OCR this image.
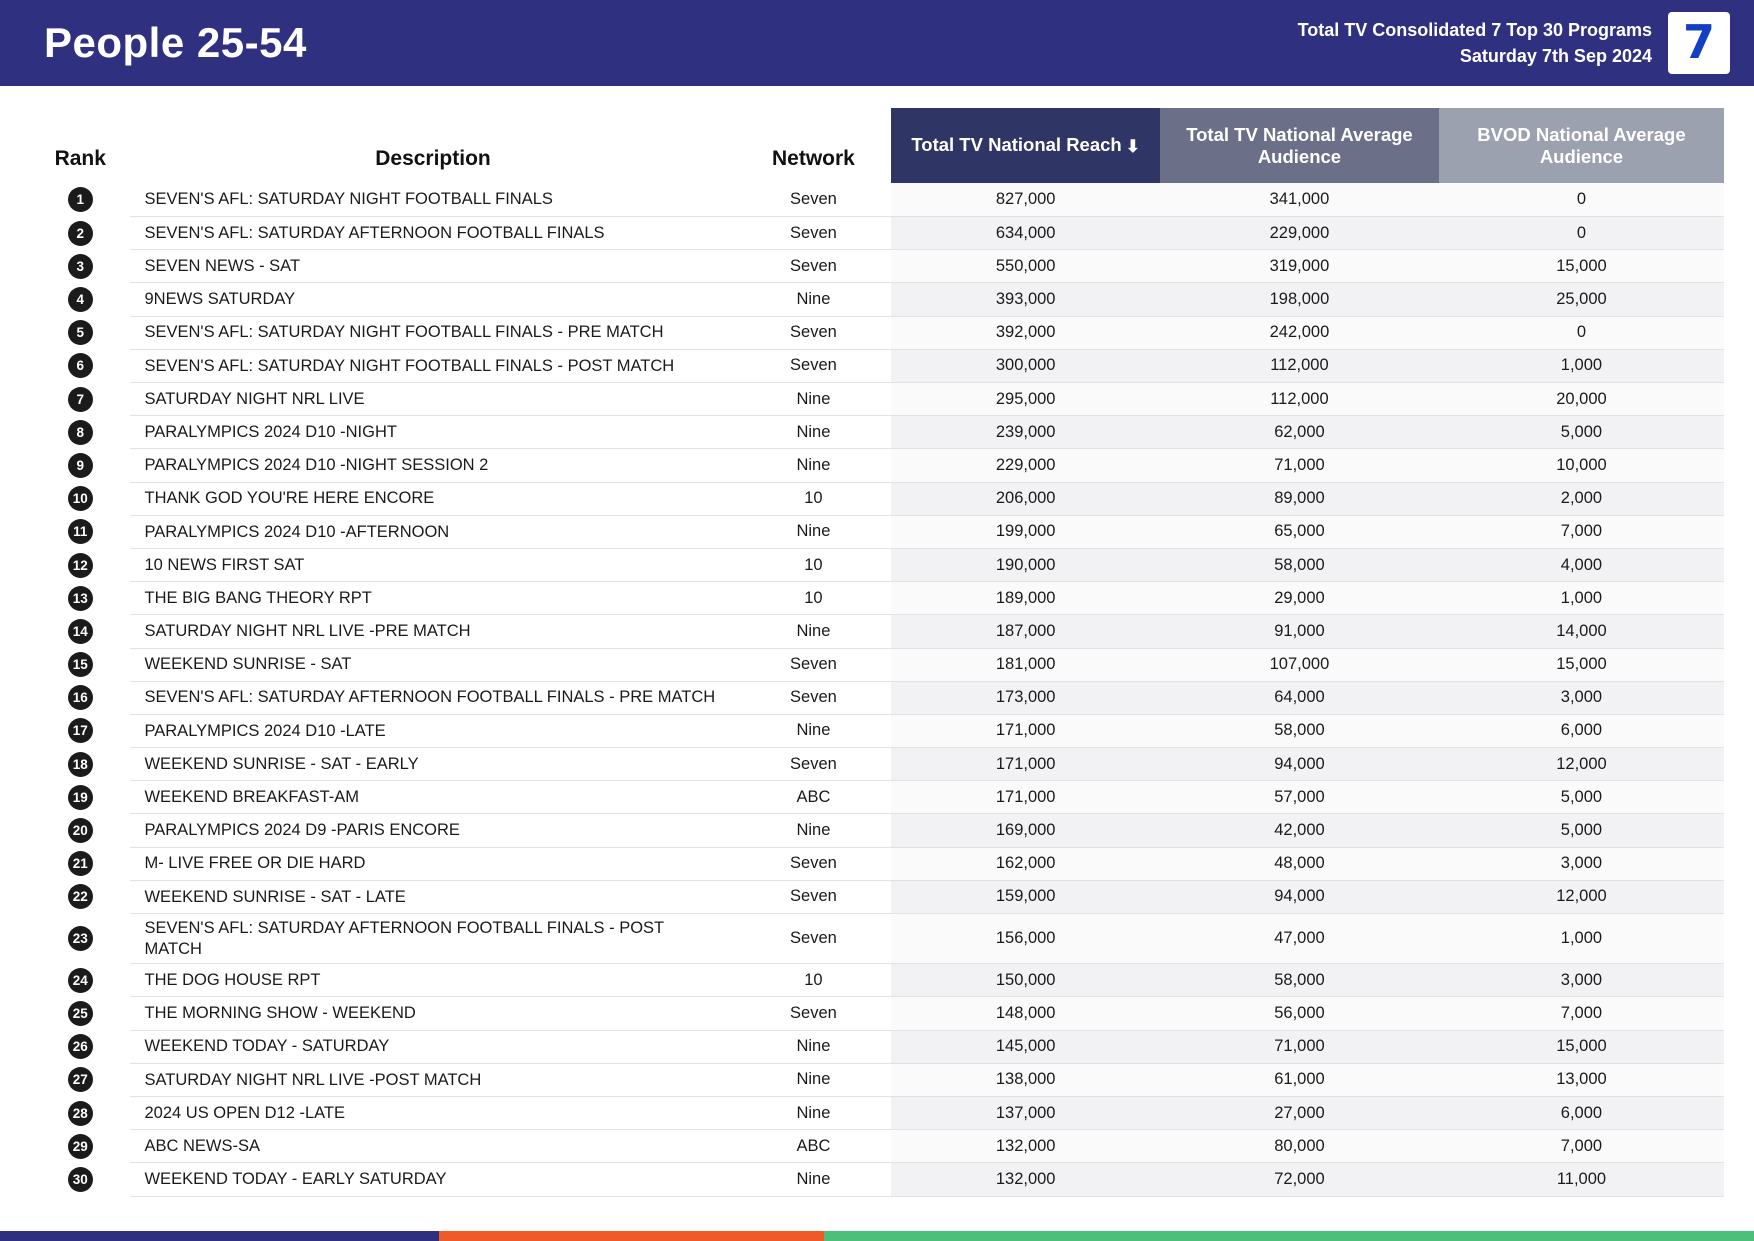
People 25-54	Total TV Consolidated 7 Top 30 Programs
Saturday 7th Sep 2024 7
Rank	Description	Network	Total TV National Reach ⬇	Total TV National Average Audience	BVOD National Average Audience
1	SEVEN'S AFL: SATURDAY NIGHT FOOTBALL FINALS	Seven	827,000	341,000	0
2	SEVEN'S AFL: SATURDAY AFTERNOON FOOTBALL FINALS	Seven	634,000	229,000	0
3	SEVEN NEWS - SAT	Seven	550,000	319,000	15,000
4	9NEWS SATURDAY	Nine	393,000	198,000	25,000
5	SEVEN'S AFL: SATURDAY NIGHT FOOTBALL FINALS - PRE MATCH	Seven	392,000	242,000	0
6	SEVEN'S AFL: SATURDAY NIGHT FOOTBALL FINALS - POST MATCH	Seven	300,000	112,000	1,000
7	SATURDAY NIGHT NRL LIVE	Nine	295,000	112,000	20,000
8	PARALYMPICS 2024 D10 -NIGHT	Nine	239,000	62,000	5,000
9	PARALYMPICS 2024 D10 -NIGHT SESSION 2	Nine	229,000	71,000	10,000
10	THANK GOD YOU'RE HERE ENCORE	10	206,000	89,000	2,000
11	PARALYMPICS 2024 D10 -AFTERNOON	Nine	199,000	65,000	7,000
12	10 NEWS FIRST SAT	10	190,000	58,000	4,000
13	THE BIG BANG THEORY RPT	10	189,000	29,000	1,000
14	SATURDAY NIGHT NRL LIVE -PRE MATCH	Nine	187,000	91,000	14,000
15	WEEKEND SUNRISE - SAT	Seven	181,000	107,000	15,000
16	SEVEN'S AFL: SATURDAY AFTERNOON FOOTBALL FINALS - PRE MATCH	Seven	173,000	64,000	3,000
17	PARALYMPICS 2024 D10 -LATE	Nine	171,000	58,000	6,000
18	WEEKEND SUNRISE - SAT - EARLY	Seven	171,000	94,000	12,000
19	WEEKEND BREAKFAST-AM	ABC	171,000	57,000	5,000
20	PARALYMPICS 2024 D9 -PARIS ENCORE	Nine	169,000	42,000	5,000
21	M- LIVE FREE OR DIE HARD	Seven	162,000	48,000	3,000
22	WEEKEND SUNRISE - SAT - LATE	Seven	159,000	94,000	12,000
23	SEVEN'S AFL: SATURDAY AFTERNOON FOOTBALL FINALS - POST MATCH	Seven	156,000	47,000	1,000
24	THE DOG HOUSE RPT	10	150,000	58,000	3,000
25	THE MORNING SHOW - WEEKEND	Seven	148,000	56,000	7,000
26	WEEKEND TODAY - SATURDAY	Nine	145,000	71,000	15,000
27	SATURDAY NIGHT NRL LIVE -POST MATCH	Nine	138,000	61,000	13,000
28	2024 US OPEN D12 -LATE	Nine	137,000	27,000	6,000
29	ABC NEWS-SA	ABC	132,000	80,000	7,000
30	WEEKEND TODAY - EARLY SATURDAY	Nine	132,000	72,000	11,000
